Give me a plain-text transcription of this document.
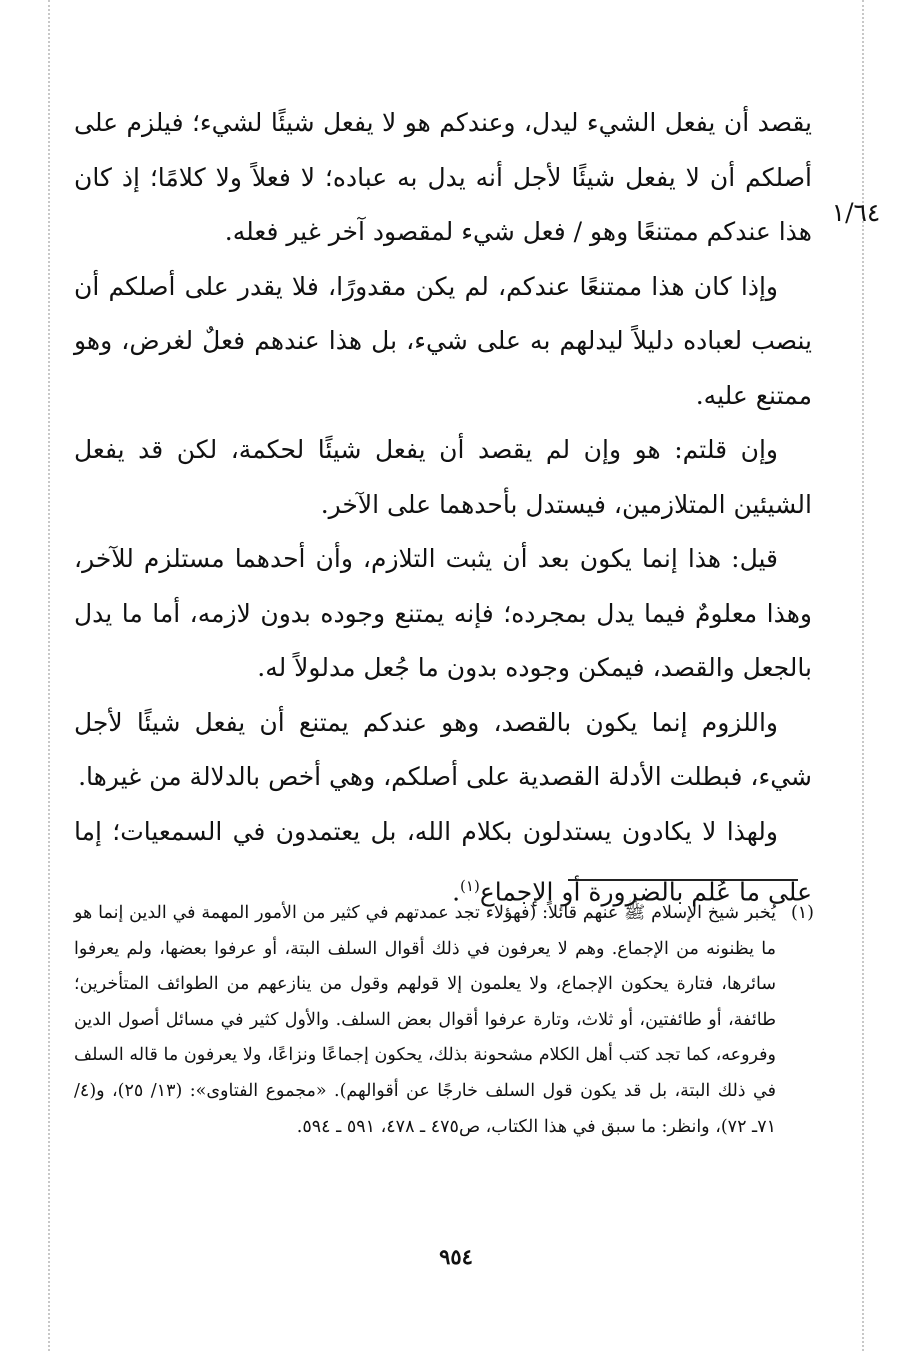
١/٦٤

يقصد أن يفعل الشيء ليدل، وعندكم هو لا يفعل شيئًا لشيء؛ فيلزم على أصلكم أن لا يفعل شيئًا لأجل أنه يدل به عباده؛ لا فعلاً ولا كلامًا؛ إذ كان هذا عندكم ممتنعًا وهو / فعل شيء لمقصود آخر غير فعله.

وإذا كان هذا ممتنعًا عندكم، لم يكن مقدورًا، فلا يقدر على أصلكم أن ينصب لعباده دليلاً ليدلهم به على شيء، بل هذا عندهم فعلٌ لغرض، وهو ممتنع عليه.

وإن قلتم: هو وإن لم يقصد أن يفعل شيئًا لحكمة، لكن قد يفعل الشيئين المتلازمين، فيستدل بأحدهما على الآخر.

قيل: هذا إنما يكون بعد أن يثبت التلازم، وأن أحدهما مستلزم للآخر، وهذا معلومٌ فيما يدل بمجرده؛ فإنه يمتنع وجوده بدون لازمه، أما ما يدل بالجعل والقصد، فيمكن وجوده بدون ما جُعل مدلولاً له.

واللزوم إنما يكون بالقصد، وهو عندكم يمتنع أن يفعل شيئًا لأجل شيء، فبطلت الأدلة القصدية على أصلكم، وهي أخص بالدلالة من غيرها.

ولهذا لا يكادون يستدلون بكلام الله، بل يعتمدون في السمعيات؛ إما على ما عُلم بالضرورة أو الإجماع$^{(١)}$.

(١)
يُخبر شيخ الإسلام ﷺ عنهم قائلاً: (فهؤلاء تجد عمدتهم في كثير من الأمور المهمة في الدين إنما هو ما يظنونه من الإجماع. وهم لا يعرفون في ذلك أقوال السلف البتة، أو عرفوا بعضها، ولم يعرفوا سائرها، فتارة يحكون الإجماع، ولا يعلمون إلا قولهم وقول من ينازعهم من الطوائف المتأخرين؛ طائفة، أو طائفتين، أو ثلاث، وتارة عرفوا أقوال بعض السلف. والأول كثير في مسائل أصول الدين وفروعه، كما تجد كتب أهل الكلام مشحونة بذلك، يحكون إجماعًا ونزاعًا، ولا يعرفون ما قاله السلف في ذلك البتة، بل قد يكون قول السلف خارجًا عن أقوالهم). «مجموع الفتاوى»: (١٣/ ٢٥)، و(٤/ ٧١ـ ٧٢)، وانظر: ما سبق في هذا الكتاب، ص٤٧٥ ـ ٤٧٨، ٥٩١ ـ ٥٩٤.
٩٥٤
